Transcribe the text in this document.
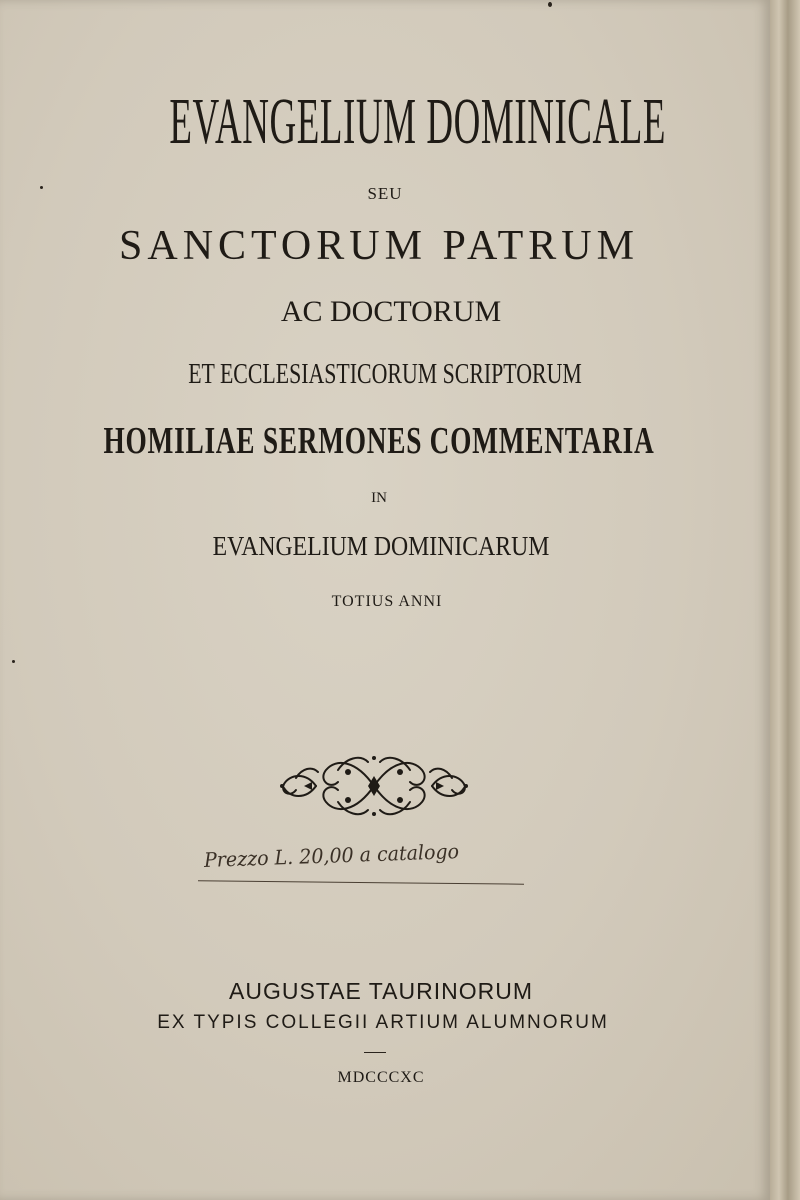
EVANGELIUM DOMINICALE
SEU
SANCTORUM PATRUM
AC DOCTORUM
ET ECCLESIASTICORUM SCRIPTORUM
HOMILIAE SERMONES COMMENTARIA
IN
EVANGELIUM DOMINICARUM
TOTIUS ANNI
Prezzo L. 20,00 a catalogo
AUGUSTAE TAURINORUM
EX TYPIS COLLEGII ARTIUM ALUMNORUM
MDCCCXC
